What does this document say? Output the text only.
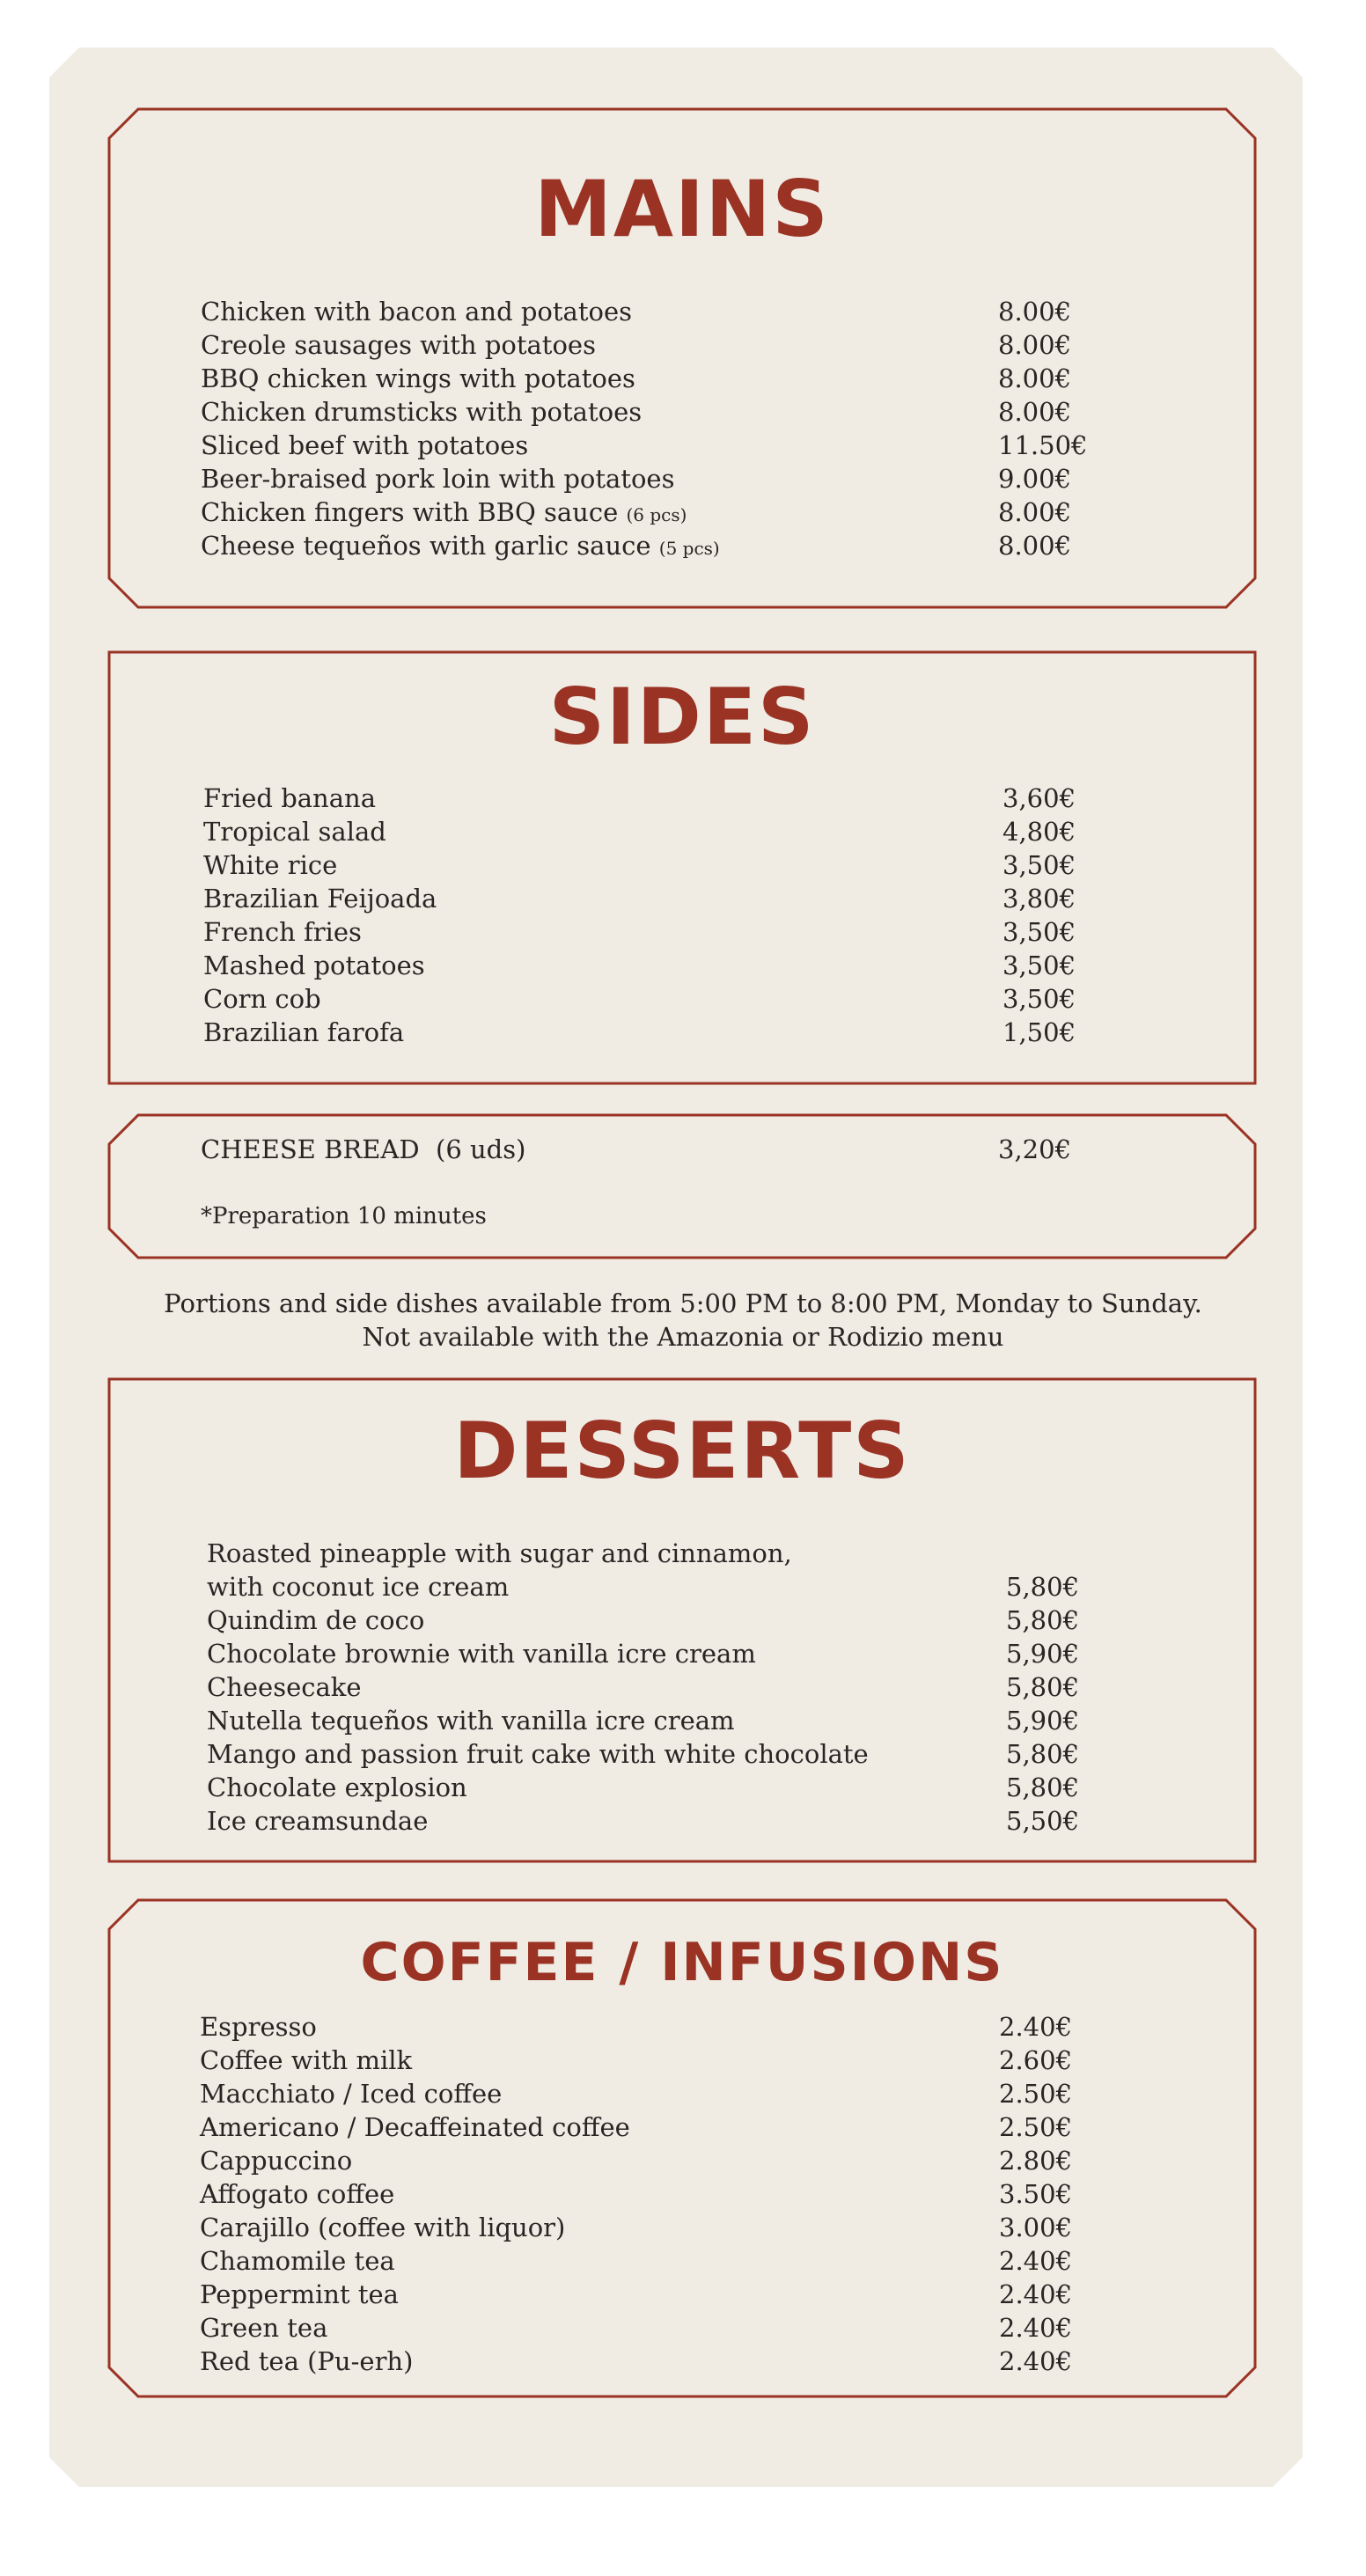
MAINS
Chicken with bacon and potatoes	8.00€
Creole sausages with potatoes	8.00€
BBQ chicken wings with potatoes	8.00€
Chicken drumsticks with potatoes	8.00€
Sliced beef with potatoes	11.50€
Beer-braised pork loin with potatoes	9.00€
Chicken fingers with BBQ sauce (6 pcs)	8.00€
Cheese tequeños with garlic sauce (5 pcs)	8.00€
SIDES
Fried banana	3,60€
Tropical salad	4,80€
White rice	3,50€
Brazilian Feijoada	3,80€
French fries	3,50€
Mashed potatoes	3,50€
Corn cob	3,50€
Brazilian farofa	1,50€
CHEESE BREAD  (6 uds)	3,20€
*Preparation 10 minutes
Portions and side dishes available from 5:00 PM to 8:00 PM, Monday to Sunday.
Not available with the Amazonia or Rodizio menu
DESSERTS
Roasted pineapple with sugar and cinnamon,
with coconut ice cream	5,80€
Quindim de coco	5,80€
Chocolate brownie with vanilla icre cream	5,90€
Cheesecake	5,80€
Nutella tequeños with vanilla icre cream	5,90€
Mango and passion fruit cake with white chocolate	5,80€
Chocolate explosion	5,80€
Ice creamsundae	5,50€
COFFEE / INFUSIONS
Espresso	2.40€
Coffee with milk	2.60€
Macchiato / Iced coffee	2.50€
Americano / Decaffeinated coffee	2.50€
Cappuccino	2.80€
Affogato coffee	3.50€
Carajillo (coffee with liquor)	3.00€
Chamomile tea	2.40€
Peppermint tea	2.40€
Green tea	2.40€
Red tea (Pu-erh)	2.40€
